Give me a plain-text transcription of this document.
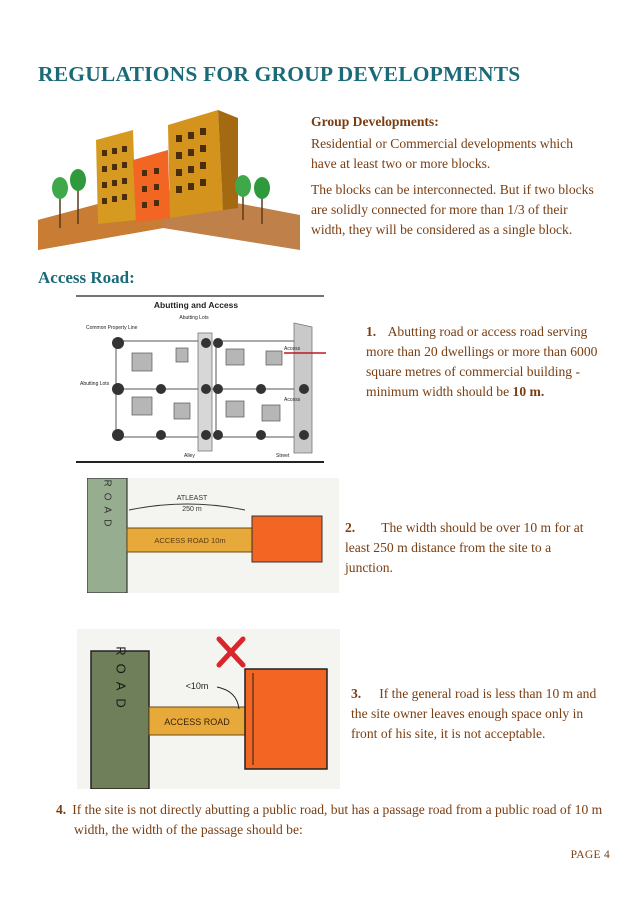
REGULATIONS FOR GROUP DEVELOPMENTS
Group Developments:
Residential or Commercial developments which have at least two or more blocks.
The blocks can be interconnected. But if two blocks are solidly connected for more than 1/3 of their width, they will be considered as a single block.
Access Road:
Abutting and Access
Abutting Lots
Common Property Line
Abutting Lots
Access
Access
Alley	Street
1. Abutting road or access road serving more than 20 dwellings or more than 6000 square metres of commercial building - minimum width should be 10 m.
ROAD	ATLEAST
250 m
ACCESS ROAD 10m
2. The width should be over 10 m for at least 250 m distance from the site to a junction.
ROAD
ACCESS ROAD
<10m	3. If the general road is less than 10 m and the site owner leaves enough space only in front of his site, it is not acceptable.
4. If the site is not directly abutting a public road, but has a passage road from a public road of 10 m width, the width of the passage should be:
PAGE 4
